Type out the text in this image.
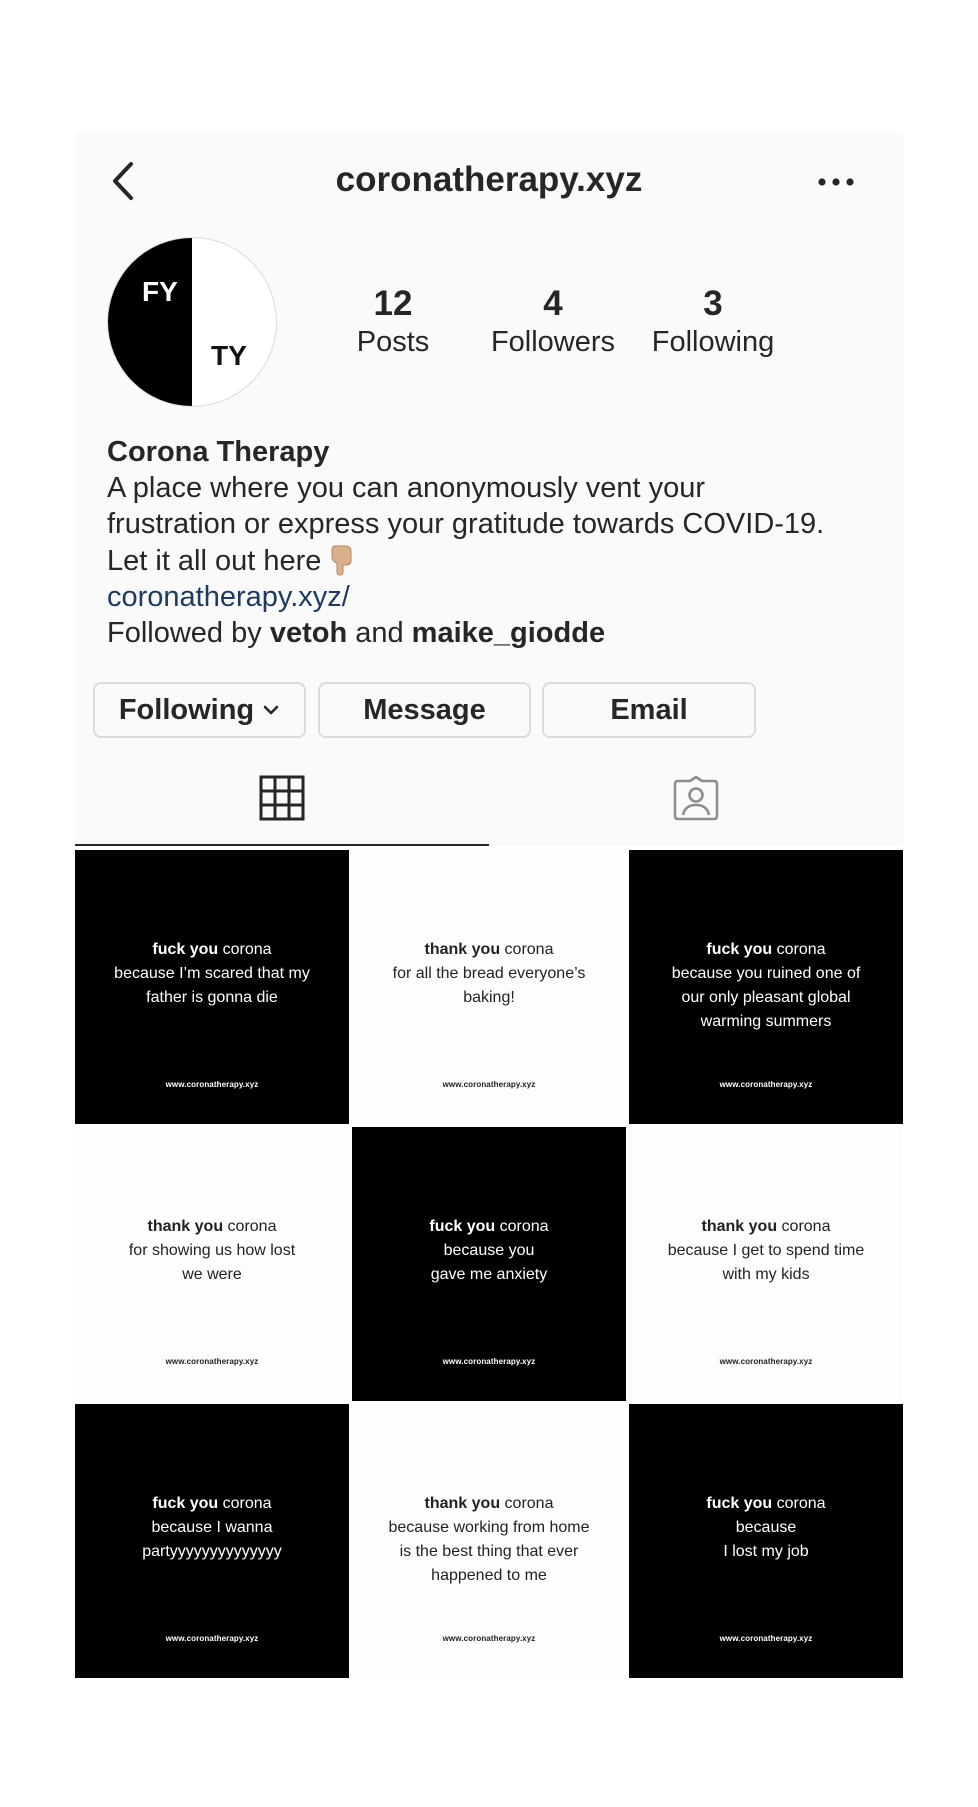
coronatherapy.xyz
FY
TY
12
Posts
4
Followers
3
Following
Corona Therapy
A place where you can anonymously vent your
frustration or express your gratitude towards COVID-19.
Let it all out here
coronatherapy.xyz/
Followed by vetoh and maike_giodde
Following	Message	Email
fuck you corona
because I’m scared that my
father is gonna die
www.coronatherapy.xyz
thank you corona
for all the bread everyone’s
baking!
www.coronatherapy.xyz
fuck you corona
because you ruined one of
our only pleasant global
warming summers
www.coronatherapy.xyz
thank you corona
for showing us how lost
we were
www.coronatherapy.xyz
fuck you corona
because you
gave me anxiety
www.coronatherapy.xyz
thank you corona
because I get to spend time
with my kids
www.coronatherapy.xyz
fuck you corona
because I wanna
partyyyyyyyyyyyyyy
www.coronatherapy.xyz
thank you corona
because working from home
is the best thing that ever
happened to me
www.coronatherapy.xyz
fuck you corona
because
I lost my job
www.coronatherapy.xyz
